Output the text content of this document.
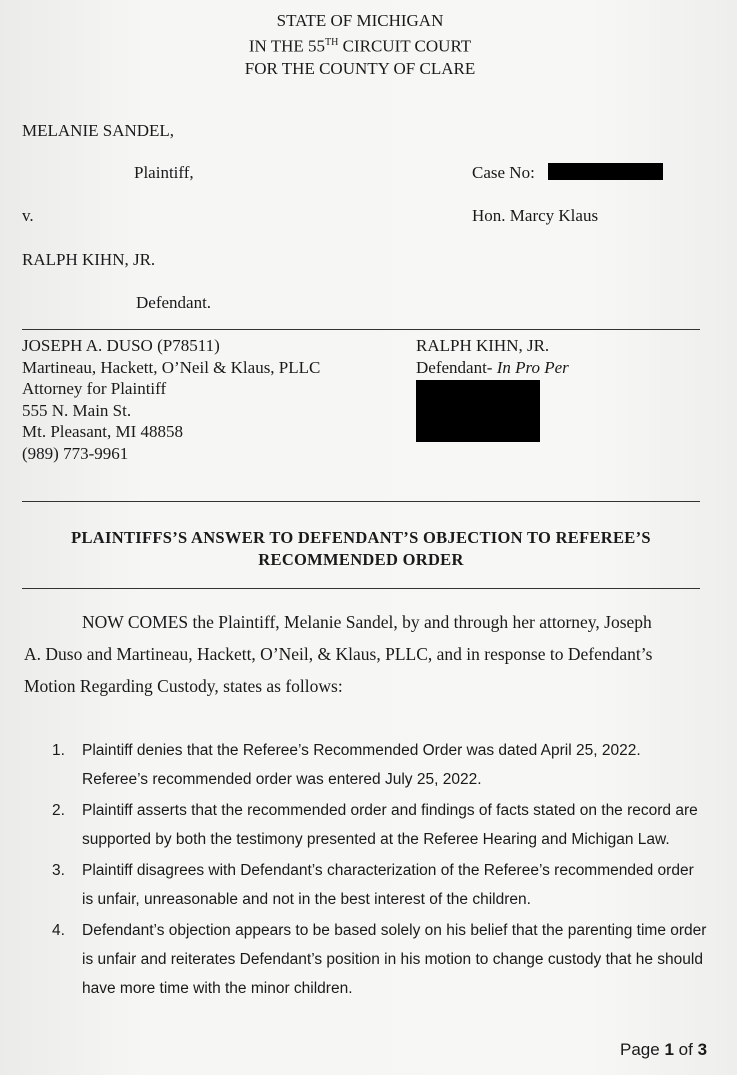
STATE OF MICHIGAN
IN THE 55TH CIRCUIT COURT
FOR THE COUNTY OF CLARE
MELANIE SANDEL,
Plaintiff,	Case No:
v.	Hon. Marcy Klaus
RALPH KIHN, JR.
Defendant.
JOSEPH A. DUSO (P78511)
Martineau, Hackett, O’Neil & Klaus, PLLC
Attorney for Plaintiff
555 N. Main St.
Mt. Pleasant, MI 48858
(989) 773-9961
RALPH KIHN, JR.
Defendant- In Pro Per
PLAINTIFFS’S ANSWER TO DEFENDANT’S OBJECTION TO REFEREE’S
RECOMMENDED ORDER
NOW COMES the Plaintiff, Melanie Sandel, by and through her attorney, Joseph
A. Duso and Martineau, Hackett, O’Neil, & Klaus, PLLC, and in response to Defendant’s
Motion Regarding Custody, states as follows:
1. Plaintiff denies that the Referee’s Recommended Order was dated April 25, 2022.
Referee’s recommended order was entered July 25, 2022.
2. Plaintiff asserts that the recommended order and findings of facts stated on the record are
supported by both the testimony presented at the Referee Hearing and Michigan Law.
3. Plaintiff disagrees with Defendant’s characterization of the Referee’s recommended order
is unfair, unreasonable and not in the best interest of the children.
4. Defendant’s objection appears to be based solely on his belief that the parenting time order
is unfair and reiterates Defendant’s position in his motion to change custody that he should
have more time with the minor children.
Page 1 of 3
